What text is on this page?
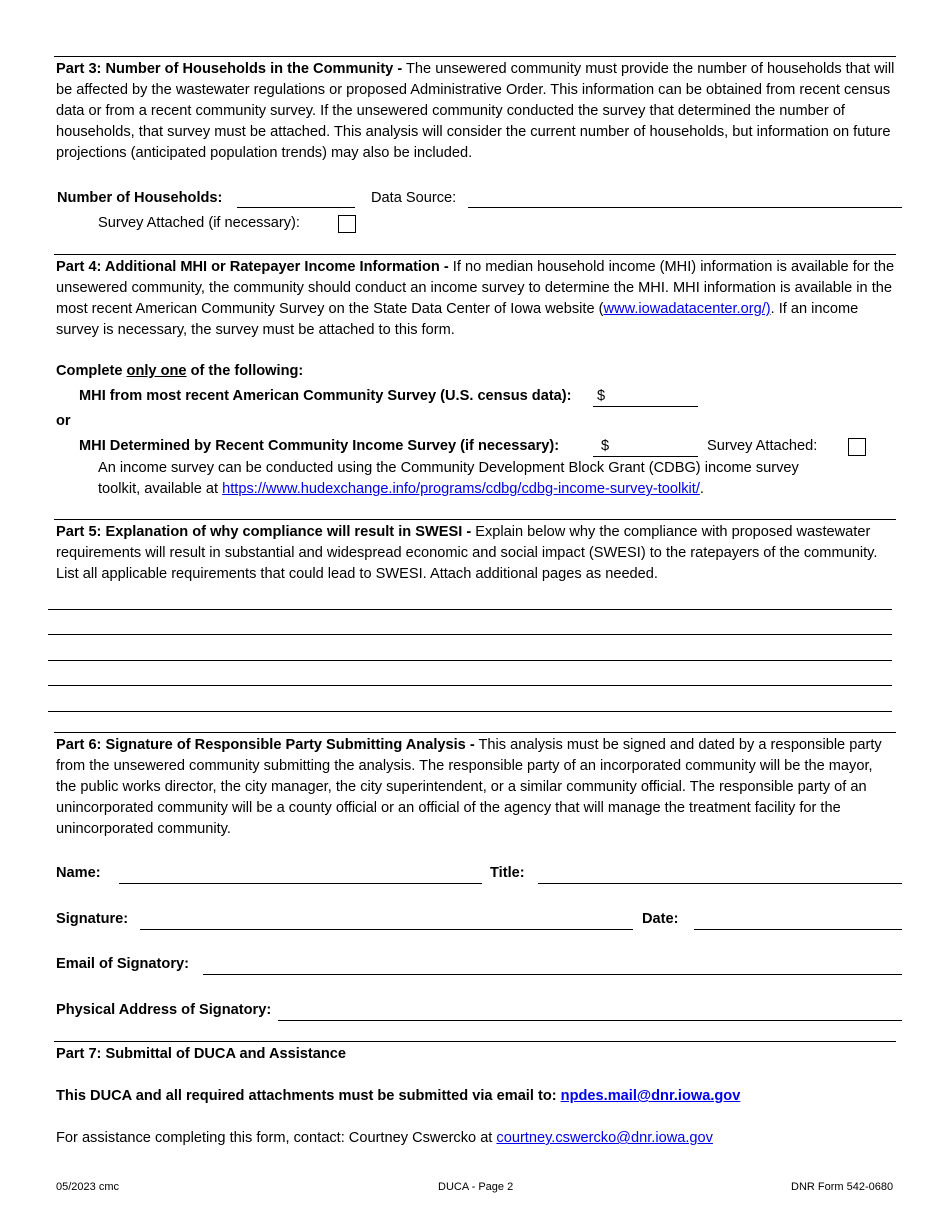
Part 3: Number of Households in the Community - The unsewered community must provide the number of households that will be affected by the wastewater regulations or proposed Administrative Order. This information can be obtained from recent census data or from a recent community survey. If the unsewered community conducted the survey that determined the number of households, that survey must be attached. This analysis will consider the current number of households, but information on future projections (anticipated population trends) may also be included.

Number of Households:	Data Source:
Survey Attached (if necessary):

Part 4: Additional MHI or Ratepayer Income Information - If no median household income (MHI) information is available for the unsewered community, the community should conduct an income survey to determine the MHI. MHI information is available in the most recent American Community Survey on the State Data Center of Iowa website (www.iowadatacenter.org/). If an income survey is necessary, the survey must be attached to this form.

Complete only one of the following:
MHI from most recent American Community Survey (U.S. census data): $
or
MHI Determined by Recent Community Income Survey (if necessary):	$	Survey Attached:
An income survey can be conducted using the Community Development Block Grant (CDBG) income survey
toolkit, available at https://www.hudexchange.info/programs/cdbg/cdbg-income-survey-toolkit/.

Part 5: Explanation of why compliance will result in SWESI - Explain below why the compliance with proposed wastewater requirements will result in substantial and widespread economic and social impact (SWESI) to the ratepayers of the community. List all applicable requirements that could lead to SWESI. Attach additional pages as needed.

Part 6: Signature of Responsible Party Submitting Analysis - This analysis must be signed and dated by a responsible party from the unsewered community submitting the analysis. The responsible party of an incorporated community will be the mayor, the public works director, the city manager, the city superintendent, or a similar community official. The responsible party of an unincorporated community will be a county official or an official of the agency that will manage the treatment facility for the unincorporated community.

Name:	Title:
Signature:	Date:
Email of Signatory:
Physical Address of Signatory:
Part 7: Submittal of DUCA and Assistance
This DUCA and all required attachments must be submitted via email to: npdes.mail@dnr.iowa.gov
For assistance completing this form, contact: Courtney Cswercko at courtney.cswercko@dnr.iowa.gov
05/2023 cmc	DUCA - Page 2	DNR Form 542-0680
